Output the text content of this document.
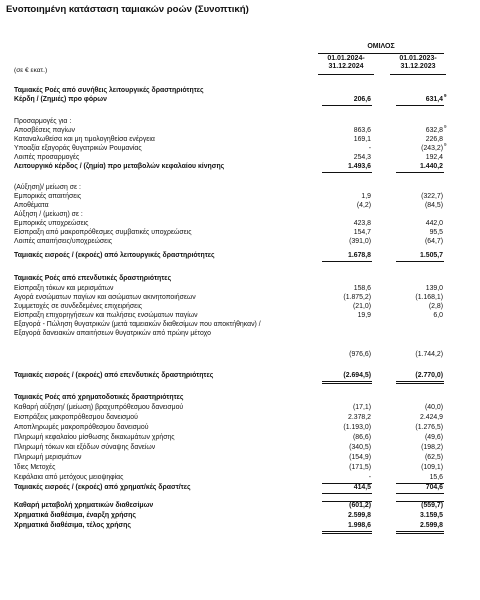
Ενοποιημένη κατάσταση ταμιακών ροών (Συνοπτική)
ΟΜΙΛΟΣ
01.01.2024-
31.12.2024
01.01.2023-
31.12.2023
(σε € εκατ.)
Ταμιακές Ροές από συνήθεις λειτουργικές δραστηριότητες
Κέρδη / (Ζημιές) προ φόρων	206,6	631,4
9
Προσαρμογές για :
Αποσβέσεις παγίων	863,6	632,8
9
Καταναλωθείσα και μη τιμολογηθείσα ενέργεια	169,1	226,8
Υποαξία εξαγοράς θυγατρικών Ρουμανίας	-	(243,2)
9
Λοιπές προσαρμογές	254,3	192,4
Λειτουργικό κέρδος / (ζημία) προ μεταβολών κεφαλαίου κίνησης	1.493,6	1.440,2
(Αύξηση)/ μείωση σε :
Εμπορικές απαιτήσεις	1,9	(322,7)
Αποθέματα	(4,2)	(84,5)
Αύξηση / (μείωση) σε :
Εμπορικές υποχρεώσεις	423,8	442,0
Είσπραξη από μακροπρόθεσμες συμβατικές υποχρεώσεις	154,7	95,5
Λοιπές απαιτήσεις/υποχρεώσεις	(391,0)	(64,7)
Ταμιακές εισροές / (εκροές) από λειτουργικές δραστηριότητες	1.678,8	1.505,7
Ταμιακές Ροές από επενδυτικές δραστηριότητες
Είσπραξη τόκων και μερισμάτων	158,6	139,0
Αγορά ενσώματων παγίων και ασώματων ακινητοποιήσεων	(1.875,2)	(1.168,1)
Συμμετοχές σε συνδεδεμένες επιχειρήσεις	(21,0)	(2,8)
Είσπραξη επιχορηγήσεων και πωλήσεις ενσώματων παγίων	19,9	6,0
Εξαγορά - Πώληση θυγατρικών (μετά ταμειακών διαθεσίμων που αποκτήθηκαν) / Εξαγορά δανειακών απαιτήσεων θυγατρικών από πρώην μέτοχο
(976,6)	(1.744,2)
Ταμιακές εισροές / (εκροές) από επενδυτικές δραστηριότητες	(2.694,5)	(2.770,0)
Ταμιακές Ροές από χρηματοδοτικές δραστηριότητες
Καθαρή αύξηση/ (μείωση) βραχυπρόθεσμου δανεισμού	(17,1)	(40,0)
Εισπράξεις μακροπρόθεσμου δανεισμού	2.378,2	2.424,9
Αποπληρωμές μακροπρόθεσμου δανεισμού	(1.193,0)	(1.276,5)
Πληρωμή κεφαλαίου μίσθωσης δικαιωμάτων χρήσης	(86,6)	(49,6)
Πληρωμή τόκων και εξόδων σύναψης δανείων	(340,5)	(198,2)
Πληρωμή μερισμάτων	(154,9)	(62,5)
Ίδιες Μετοχές	(171,5)	(109,1)
Κεφάλαια από μετόχους μειοψηφίας	-	15,6
Ταμιακές εισροές / (εκροές) από χρηματ/κές δραστ/τες	414,5	704,6
Καθαρή μεταβολή χρηματικών διαθεσίμων	(601,2)	(559,7)
Χρηματικά διαθέσιμα, έναρξη χρήσης	2.599,8	3.159,5
Χρηματικά διαθέσιμα, τέλος χρήσης	1.998,6	2.599,8
